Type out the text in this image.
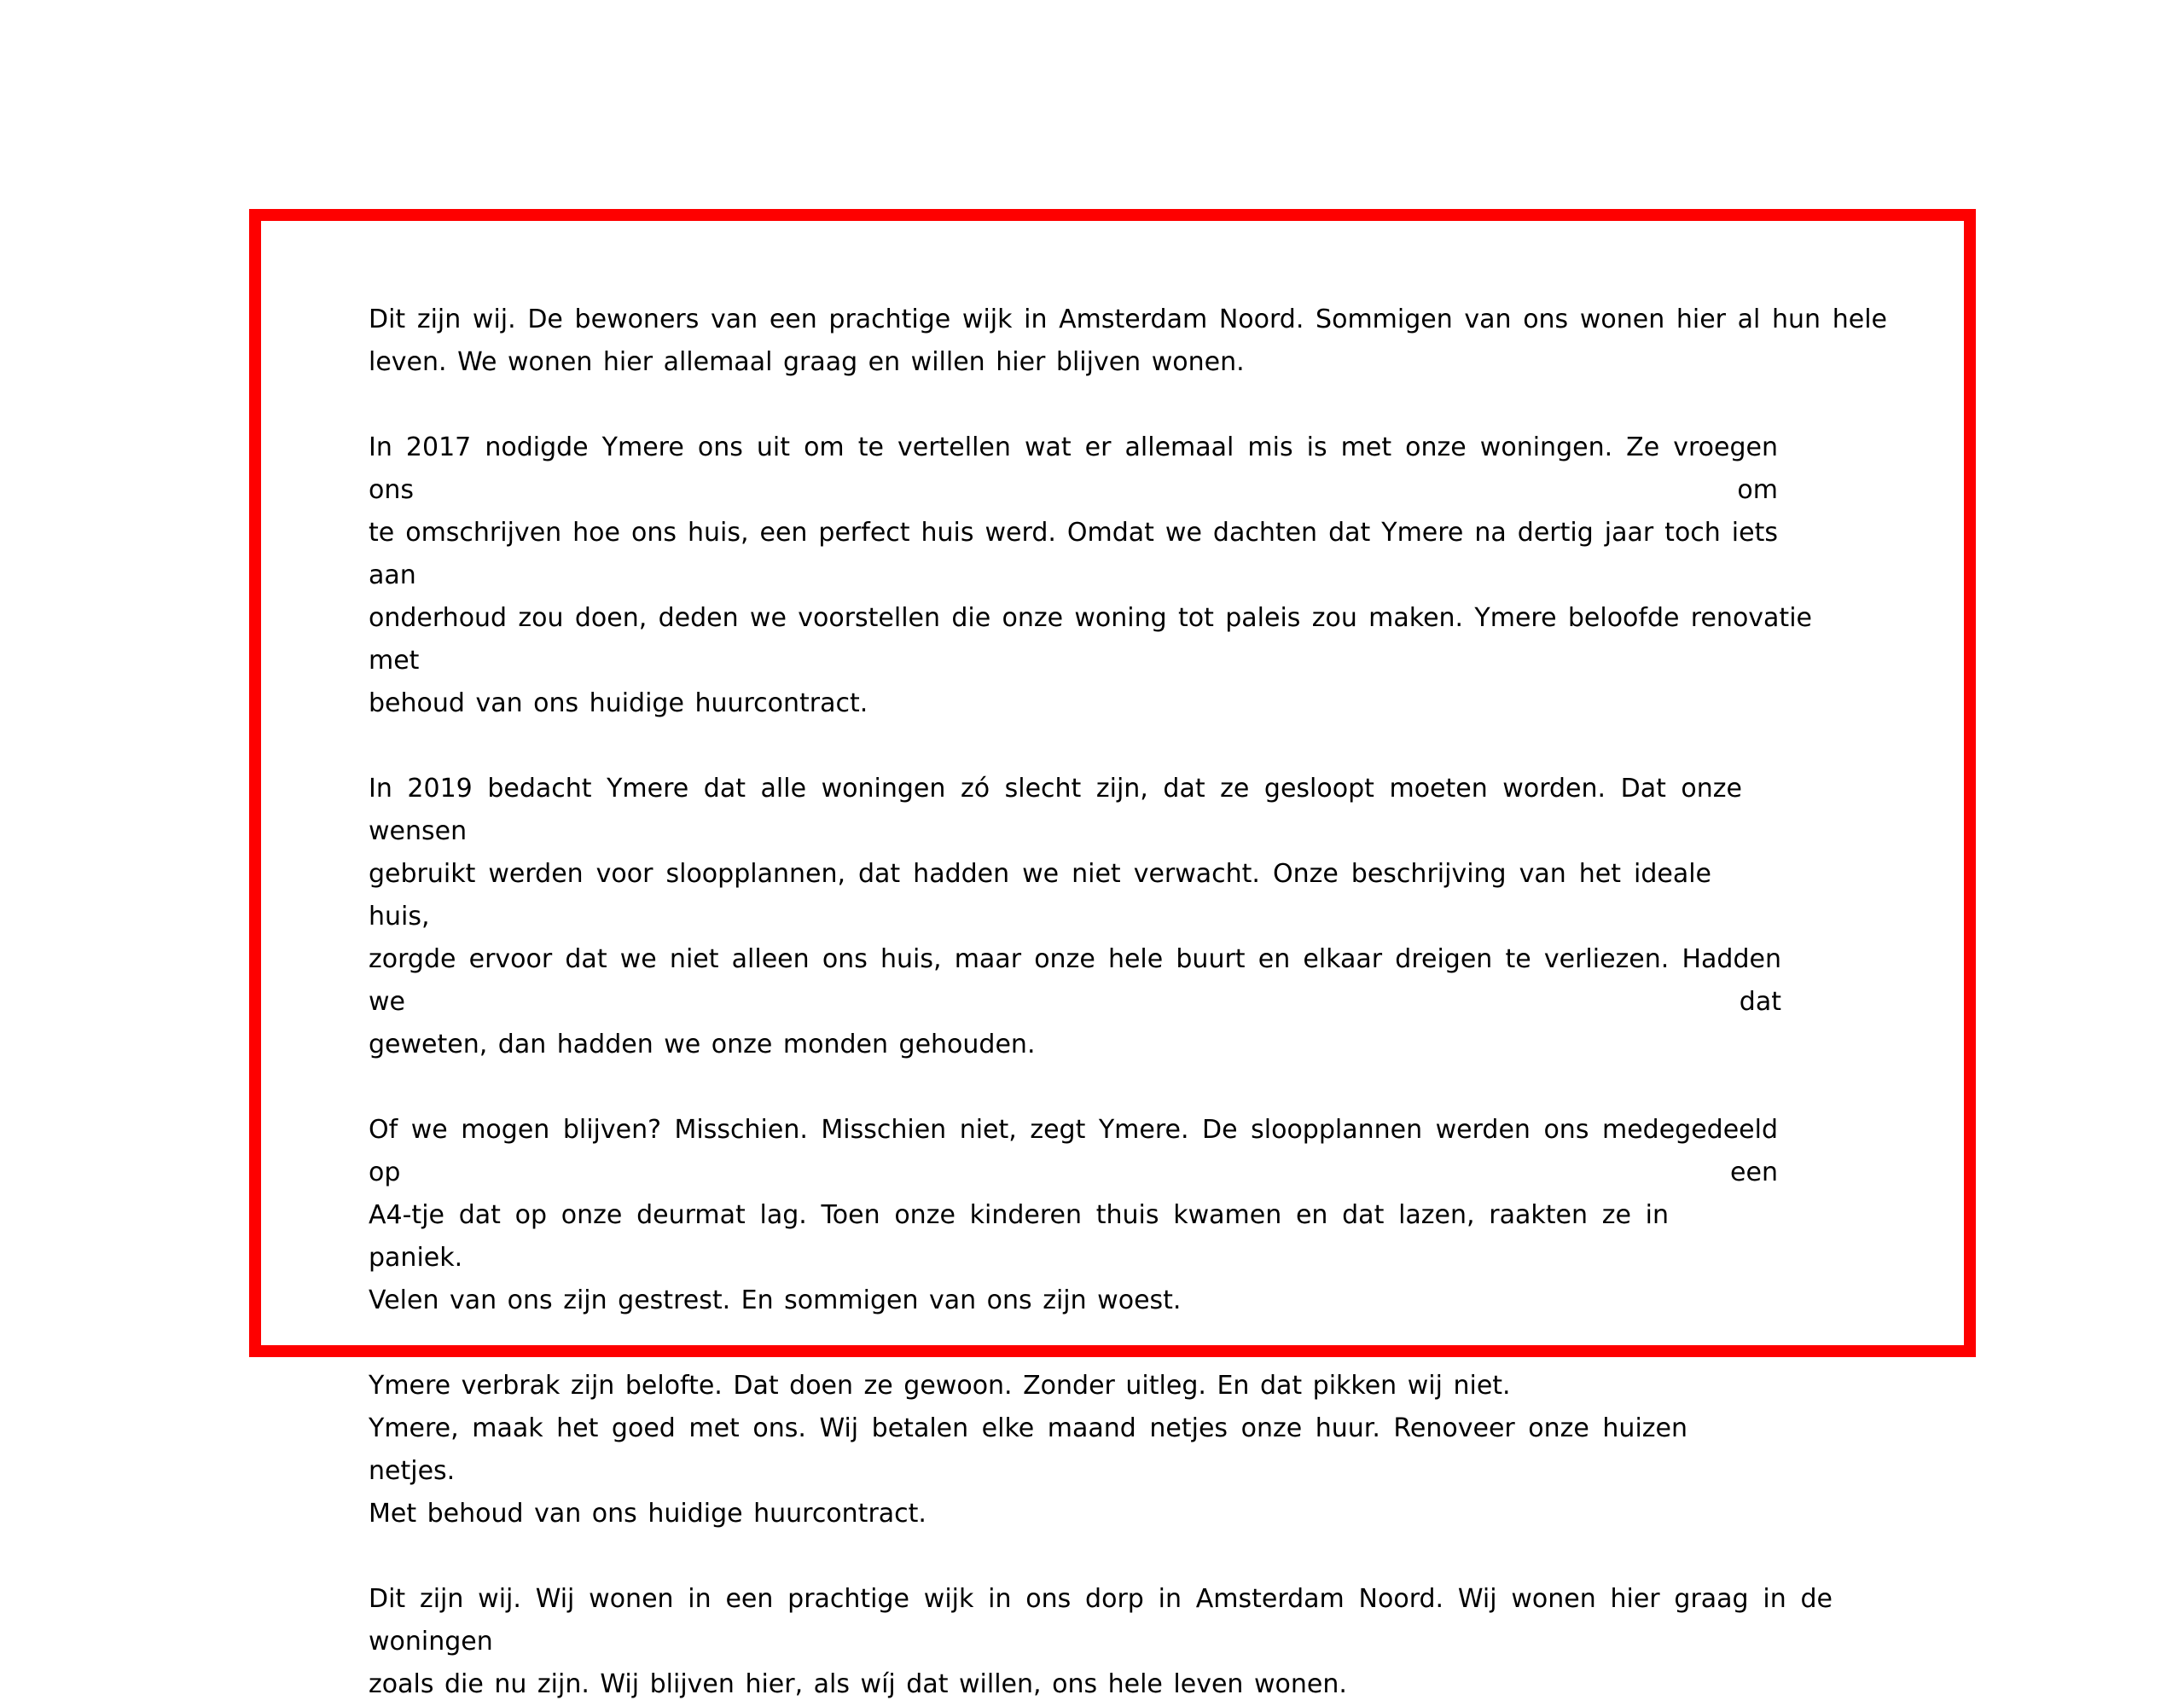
Dit zijn wij. De bewoners van een prachtige wijk in Amsterdam Noord. Sommigen van ons wonen hier al hun hele
leven. We wonen hier allemaal graag en willen hier blijven wonen.
In 2017 nodigde Ymere ons uit om te vertellen wat er allemaal mis is met onze woningen. Ze vroegen ons om
te omschrijven hoe ons huis, een perfect huis werd. Omdat we dachten dat Ymere na dertig jaar toch iets aan
onderhoud zou doen, deden we voorstellen die onze woning tot paleis zou maken. Ymere beloofde renovatie met
behoud van ons huidige huurcontract.
In 2019 bedacht Ymere dat alle woningen zó slecht zijn, dat ze gesloopt moeten worden. Dat onze wensen
gebruikt werden voor sloopplannen, dat hadden we niet verwacht. Onze beschrijving van het ideale huis,
zorgde ervoor dat we niet alleen ons huis, maar onze hele buurt en elkaar dreigen te verliezen. Hadden we dat
geweten, dan hadden we onze monden gehouden.
Of we mogen blijven? Misschien. Misschien niet, zegt Ymere. De sloopplannen werden ons medegedeeld op een
A4-tje dat op onze deurmat lag. Toen onze kinderen thuis kwamen en dat lazen, raakten ze in paniek.
Velen van ons zijn gestrest. En sommigen van ons zijn woest.
Ymere verbrak zijn belofte. Dat doen ze gewoon. Zonder uitleg. En dat pikken wij niet.
Ymere, maak het goed met ons. Wij betalen elke maand netjes onze huur. Renoveer onze huizen netjes.
Met behoud van ons huidige huurcontract.
Dit zijn wij. Wij wonen in een prachtige wijk in ons dorp in Amsterdam Noord. Wij wonen hier graag in de woningen
zoals die nu zijn. Wij blijven hier, als wíj dat willen, ons hele leven wonen.
